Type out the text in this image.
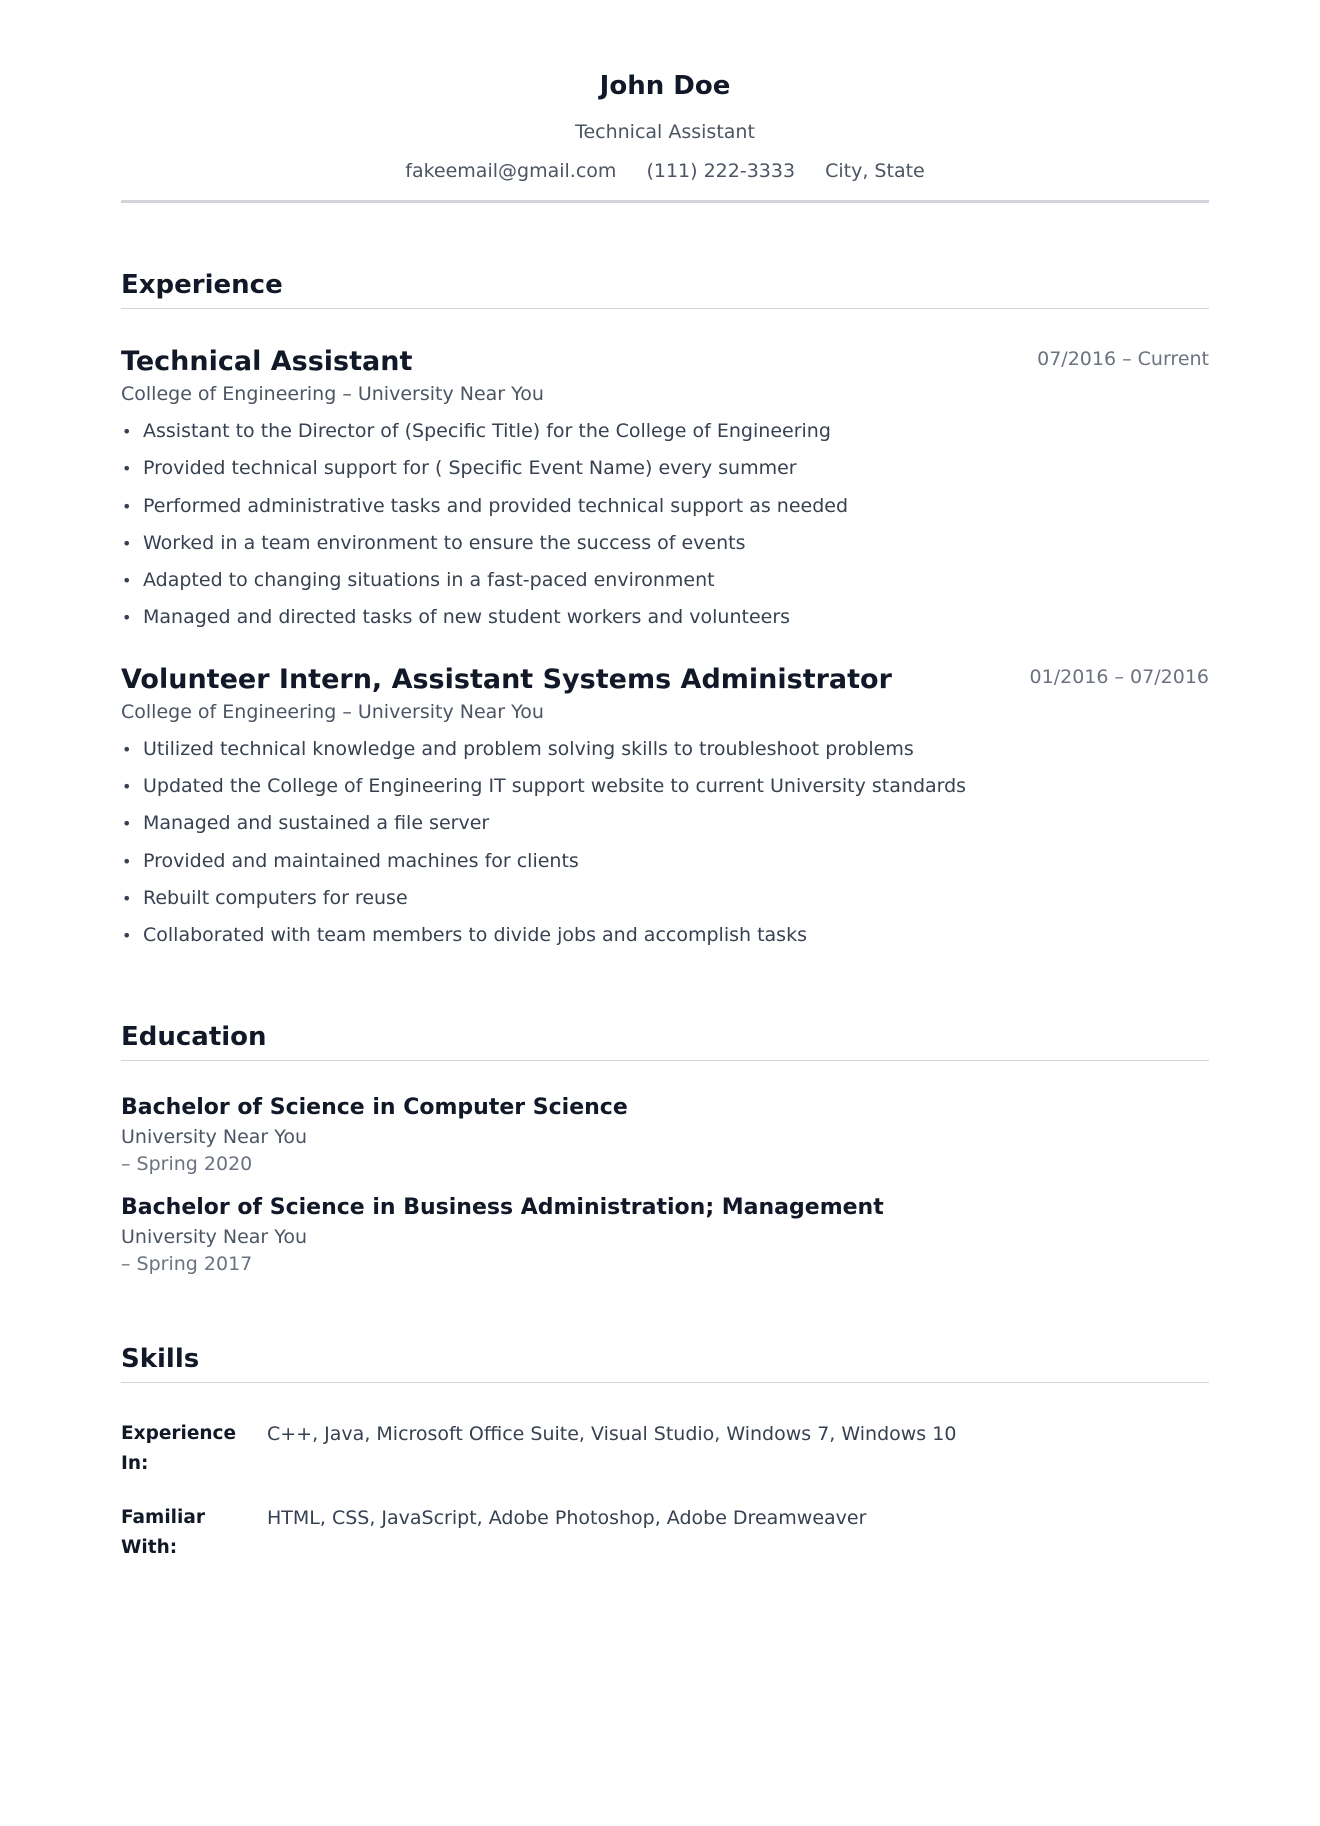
John Doe
Technical Assistant
fakeemail@gmail.com (111) 222-3333 City, State
Experience
Technical Assistant	07/2016 – Current
College of Engineering – University Near You
• Assistant to the Director of (Specific Title) for the College of Engineering
• Provided technical support for ( Specific Event Name) every summer
• Performed administrative tasks and provided technical support as needed
• Worked in a team environment to ensure the success of events
• Adapted to changing situations in a fast-paced environment
• Managed and directed tasks of new student workers and volunteers
Volunteer Intern, Assistant Systems Administrator	01/2016 – 07/2016
College of Engineering – University Near You
• Utilized technical knowledge and problem solving skills to troubleshoot problems
• Updated the College of Engineering IT support website to current University standards
• Managed and sustained a file server
• Provided and maintained machines for clients
• Rebuilt computers for reuse
• Collaborated with team members to divide jobs and accomplish tasks
Education
Bachelor of Science in Computer Science
University Near You
– Spring 2020
Bachelor of Science in Business Administration; Management
University Near You
– Spring 2017
Skills
Experience In:
C++, Java, Microsoft Office Suite, Visual Studio, Windows 7, Windows 10
Familiar With:
HTML, CSS, JavaScript, Adobe Photoshop, Adobe Dreamweaver
